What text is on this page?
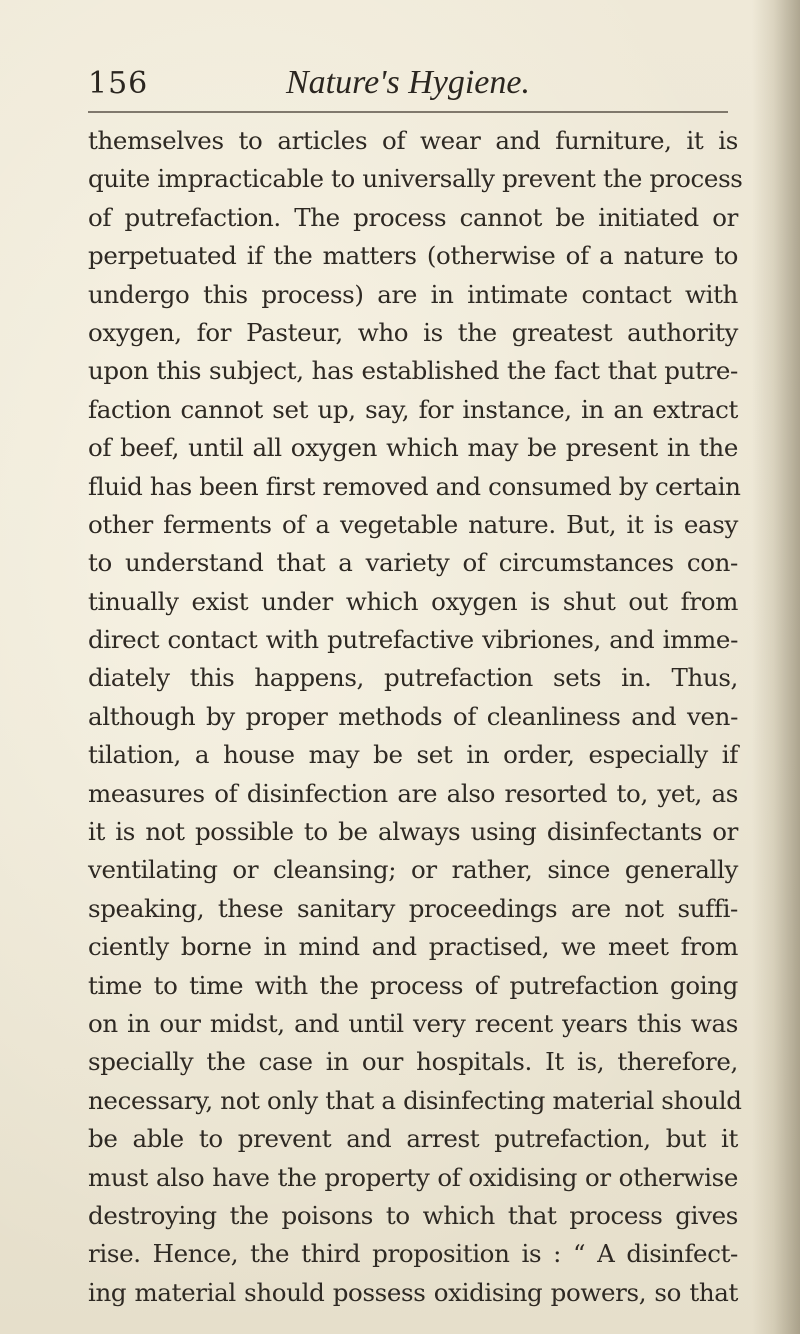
156	Nature's Hygiene.
themselves to articles of wear and furniture, it is
quite impracticable to universally prevent the process
of putrefaction. The process cannot be initiated or
perpetuated if the matters (otherwise of a nature to
undergo this process) are in intimate contact with
oxygen, for Pasteur, who is the greatest authority
upon this subject, has established the fact that putre-
faction cannot set up, say, for instance, in an extract
of beef, until all oxygen which may be present in the
fluid has been first removed and consumed by certain
other ferments of a vegetable nature. But, it is easy
to understand that a variety of circumstances con-
tinually exist under which oxygen is shut out from
direct contact with putrefactive vibriones, and imme-
diately this happens, putrefaction sets in. Thus,
although by proper methods of cleanliness and ven-
tilation, a house may be set in order, especially if
measures of disinfection are also resorted to, yet, as
it is not possible to be always using disinfectants or
ventilating or cleansing; or rather, since generally
speaking, these sanitary proceedings are not suffi-
ciently borne in mind and practised, we meet from
time to time with the process of putrefaction going
on in our midst, and until very recent years this was
specially the case in our hospitals. It is, therefore,
necessary, not only that a disinfecting material should
be able to prevent and arrest putrefaction, but it
must also have the property of oxidising or otherwise
destroying the poisons to which that process gives
rise. Hence, the third proposition is : “ A disinfect-
ing material should possess oxidising powers, so that
